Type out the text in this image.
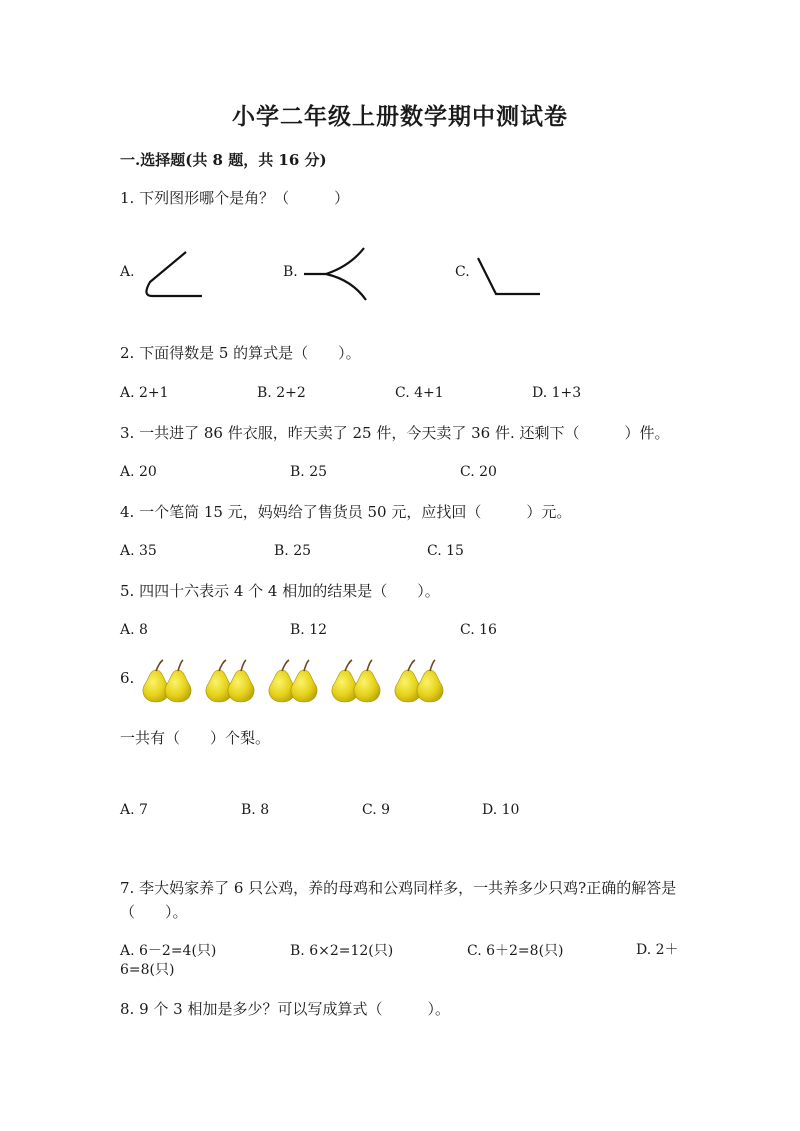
小学二年级上册数学期中测试卷
一.选择题(共 8 题，共 16 分)
1. 下列图形哪个是角？（　　　）
A.	B.	C.
2. 下面得数是 5 的算式是（　　）。
A. 2+1	B. 2+2	C. 4+1	D. 1+3
3. 一共进了 86 件衣服，昨天卖了 25 件，今天卖了 36 件. 还剩下（　　　）件。
A. 20	B. 25	C. 20
4. 一个笔筒 15 元，妈妈给了售货员 50 元，应找回（　　　）元。
A. 35	B. 25	C. 15
5. 四四十六表示 4 个 4 相加的结果是（　　）。
A. 8	B. 12	C. 16
6.
一共有（　　）个梨。
A. 7	B. 8	C. 9	D. 10
7. 李大妈家养了 6 只公鸡，养的母鸡和公鸡同样多，一共养多少只鸡?正确的解答是（　　）。
A. 6－2=4(只)	B. 6×2=12(只)	C. 6＋2=8(只)	D. 2＋6=8(只)
8. 9 个 3 相加是多少？可以写成算式（　　　）。
